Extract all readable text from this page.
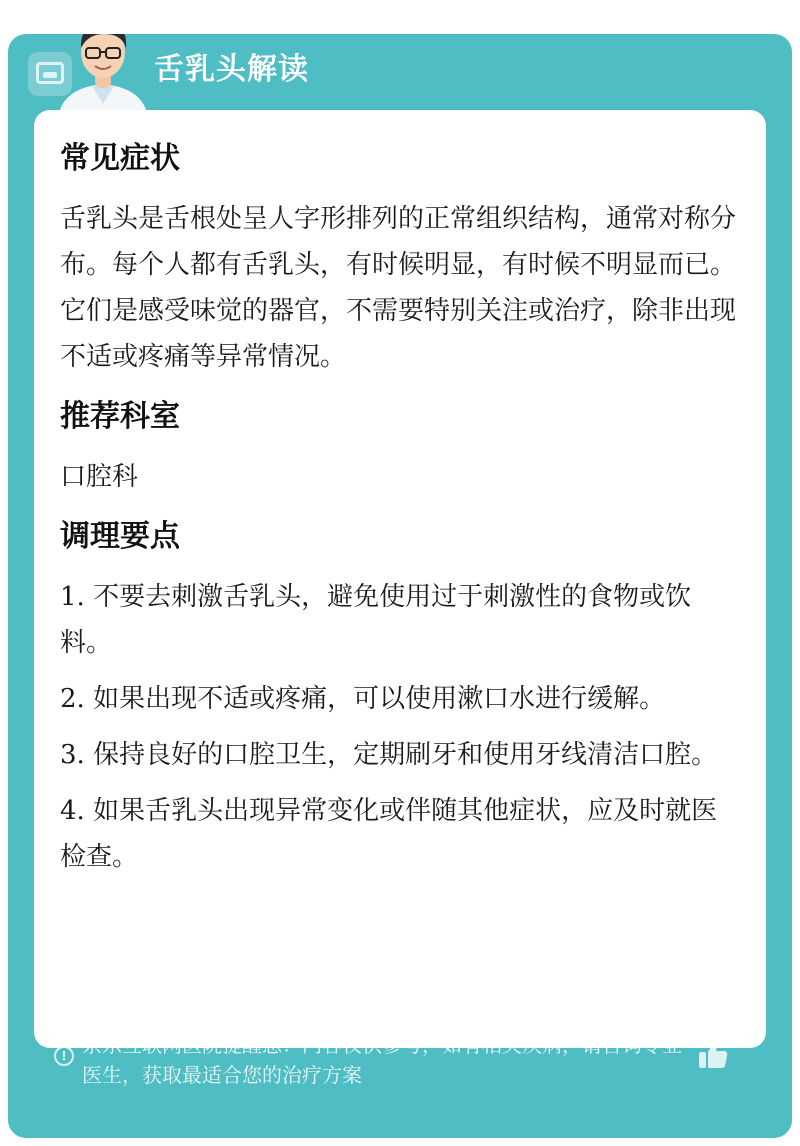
舌乳头解读
常见症状
舌乳头是舌根处呈人字形排列的正常组织结构，通常对称分布。每个人都有舌乳头，有时候明显，有时候不明显而已。它们是感受味觉的器官，不需要特别关注或治疗，除非出现不适或疼痛等异常情况。
推荐科室
口腔科
调理要点
1. 不要去刺激舌乳头，避免使用过于刺激性的食物或饮料。
2. 如果出现不适或疼痛，可以使用漱口水进行缓解。
3. 保持良好的口腔卫生，定期刷牙和使用牙线清洁口腔。
4. 如果舌乳头出现异常变化或伴随其他症状，应及时就医检查。
! 京东互联网医院提醒您：内容仅供参考，如有相关疾病，请咨询专业医生，获取最适合您的治疗方案
